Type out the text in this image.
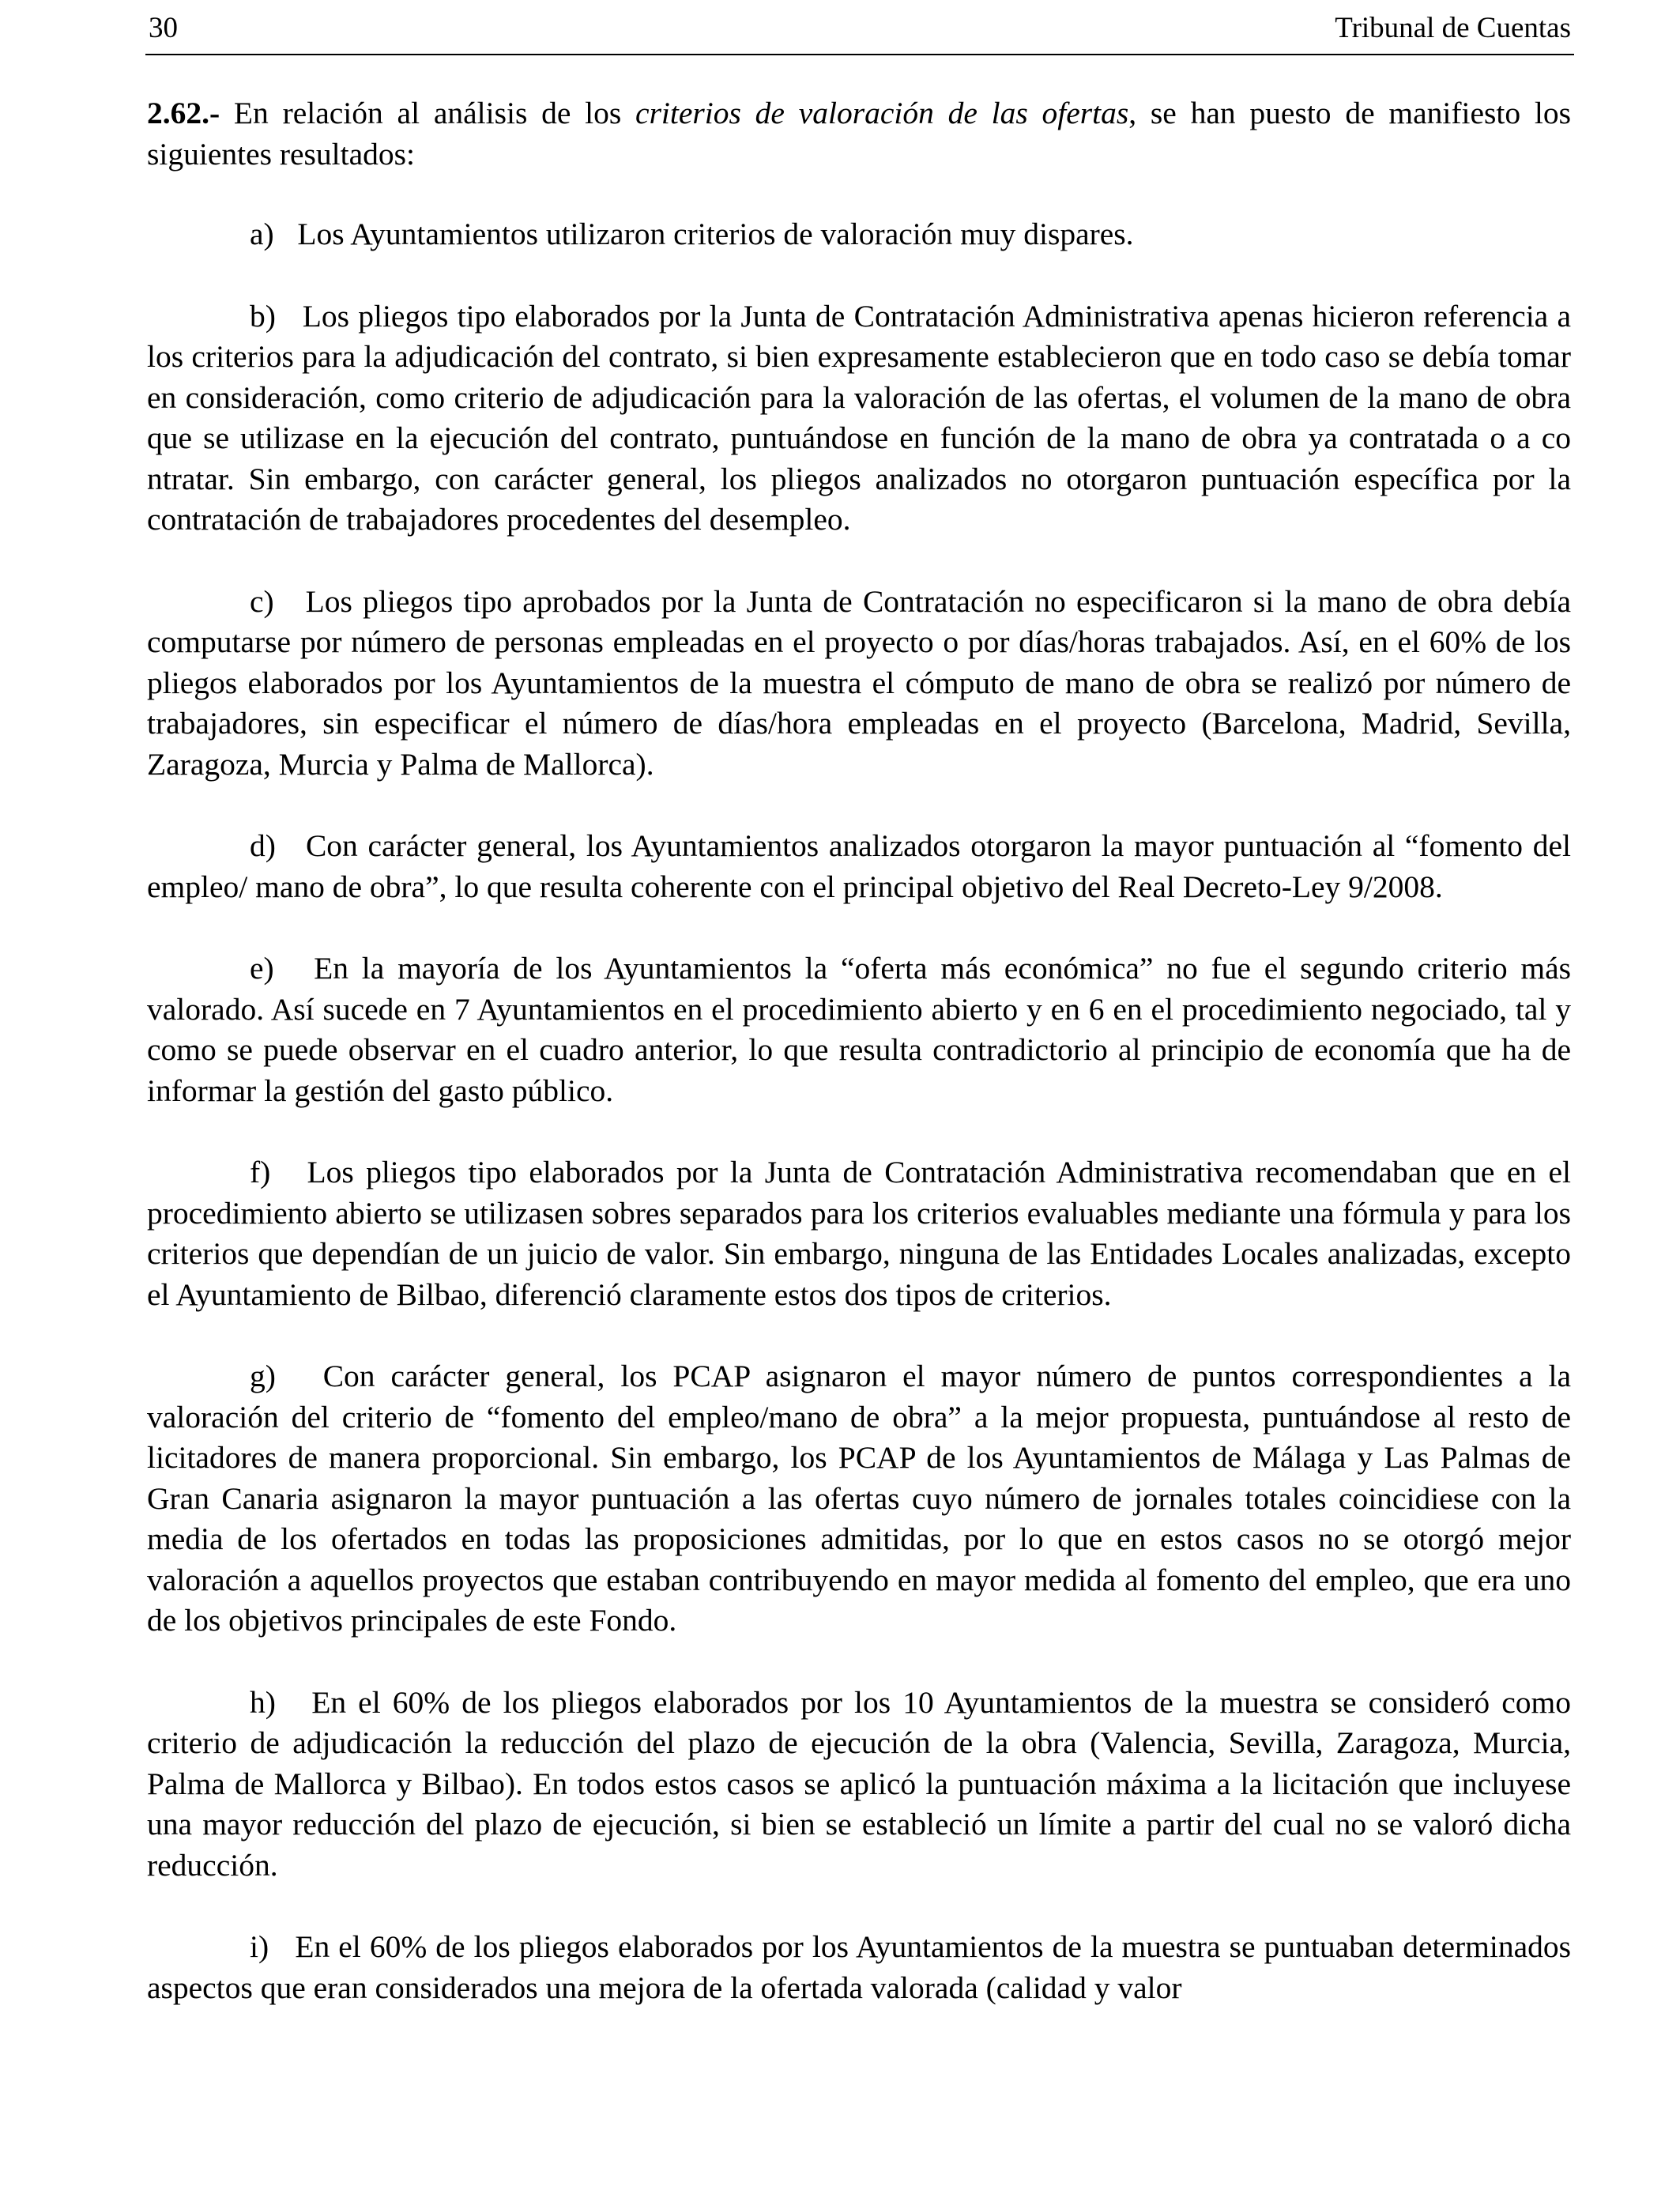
30	Tribunal de Cuentas

2.62.- En relación al análisis de los criterios de valoración de las ofertas, se han puesto de manifiesto los siguientes resultados:

a) Los Ayuntamientos utilizaron criterios de valoración muy dispares.

b) Los pliegos tipo elaborados por la Junta de Contratación Administrativa apenas hicieron referencia a los criterios para la adjudicación del contrato, si bien expresamente establecieron que en todo caso se debía tomar en consideración, como criterio de adjudicación para la valoración de las ofertas, el volumen de la mano de obra que se utilizase en la ejecución del contrato, puntuándose en función de la mano de obra ya contratada o a co ntratar. Sin embargo, con carácter general, los pliegos analizados no otorgaron puntuación específica por la contratación de trabajadores procedentes del desempleo.

c) Los pliegos tipo aprobados por la Junta de Contratación no especificaron si la mano de obra debía computarse por número de personas empleadas en el proyecto o por días/horas trabajados. Así, en el 60% de los pliegos elaborados por los Ayuntamientos de la muestra el cómputo de mano de obra se realizó por número de trabajadores, sin especificar el número de días/hora empleadas en el proyecto (Barcelona, Madrid, Sevilla, Zaragoza, Murcia y Palma de Mallorca).

d) Con carácter general, los Ayuntamientos analizados otorgaron la mayor puntuación al “fomento del empleo/ mano de obra”, lo que resulta coherente con el principal objetivo del Real Decreto-Ley 9/2008.

e) En la mayoría de los Ayuntamientos la “oferta más económica” no fue el segundo criterio más valorado. Así sucede en 7 Ayuntamientos en el procedimiento abierto y en 6 en el procedimiento negociado, tal y como se puede observar en el cuadro anterior, lo que resulta contradictorio al principio de economía que ha de informar la gestión del gasto público.

f) Los pliegos tipo elaborados por la Junta de Contratación Administrativa recomendaban que en el procedimiento abierto se utilizasen sobres separados para los criterios evaluables mediante una fórmula y para los criterios que dependían de un juicio de valor. Sin embargo, ninguna de las Entidades Locales analizadas, excepto el Ayuntamiento de Bilbao, diferenció claramente estos dos tipos de criterios.

g) Con carácter general, los PCAP asignaron el mayor número de puntos correspondientes a la valoración del criterio de “fomento del empleo/mano de obra” a la mejor propuesta, puntuándose al resto de licitadores de manera proporcional. Sin embargo, los PCAP de los Ayuntamientos de Málaga y Las Palmas de Gran Canaria asignaron la mayor puntuación a las ofertas cuyo número de jornales totales coincidiese con la media de los ofertados en todas las proposiciones admitidas, por lo que en estos casos no se otorgó mejor valoración a aquellos proyectos que estaban contribuyendo en mayor medida al fomento del empleo, que era uno de los objetivos principales de este Fondo.

h) En el 60% de los pliegos elaborados por los 10 Ayuntamientos de la muestra se consideró como criterio de adjudicación la reducción del plazo de ejecución de la obra (Valencia, Sevilla, Zaragoza, Murcia, Palma de Mallorca y Bilbao). En todos estos casos se aplicó la puntuación máxima a la licitación que incluyese una mayor reducción del plazo de ejecución, si bien se estableció un límite a partir del cual no se valoró dicha reducción.

i) En el 60% de los pliegos elaborados por los Ayuntamientos de la muestra se puntuaban determinados aspectos que eran considerados una mejora de la ofertada valorada (calidad y valor
